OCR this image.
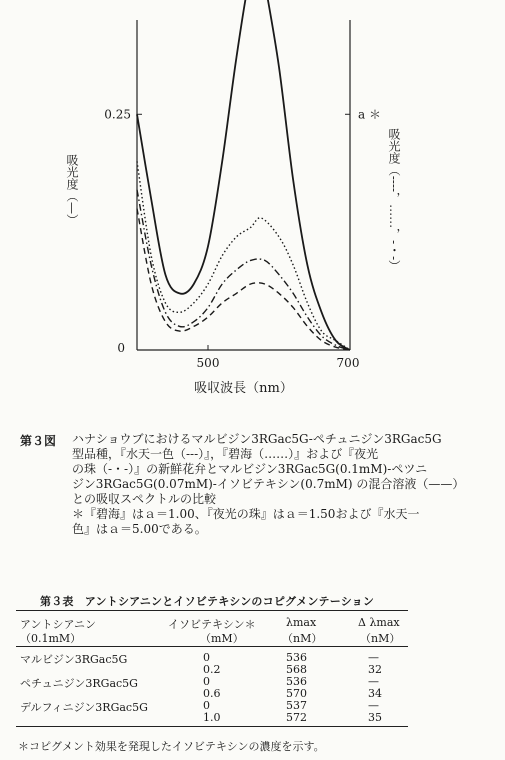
0.25
0
500	700
a ＊
吸収波長（nm）
吸光度（—）	吸光度（----，……，-・-）
第３図 ハナショウブにおけるマルビジン3RGac5G-ペチュニジン3RGac5G
型品種，『水天一色（---）』，『碧海（……）』および『夜光
の珠（-・-）』の新鮮花弁とマルビジン3RGac5G(0.1mM)-ペツニ
ジン3RGac5G(0.07mM)-イソビテキシン(0.7mM) の混合溶液（——）
との吸収スペクトルの比較
＊『碧海』はａ＝1.00、『夜光の珠』はａ＝1.50および『水天一
色』はａ＝5.00である。
第３表　アントシアニンとイソビテキシンのコピグメンテーション
アントシアニン
（0.1mM）
イソビテキシン＊
（mM）
λmax
（nM）
Δ λmax
（nM）
マルビジン3RGac5G	0	536	—
0.2	568	32
ペチュニジン3RGac5G	0	536	—
0.6	570	34
デルフィニジン3RGac5G	0	537	—
1.0	572	35
＊コピグメント効果を発現したイソビテキシンの濃度を示す。
